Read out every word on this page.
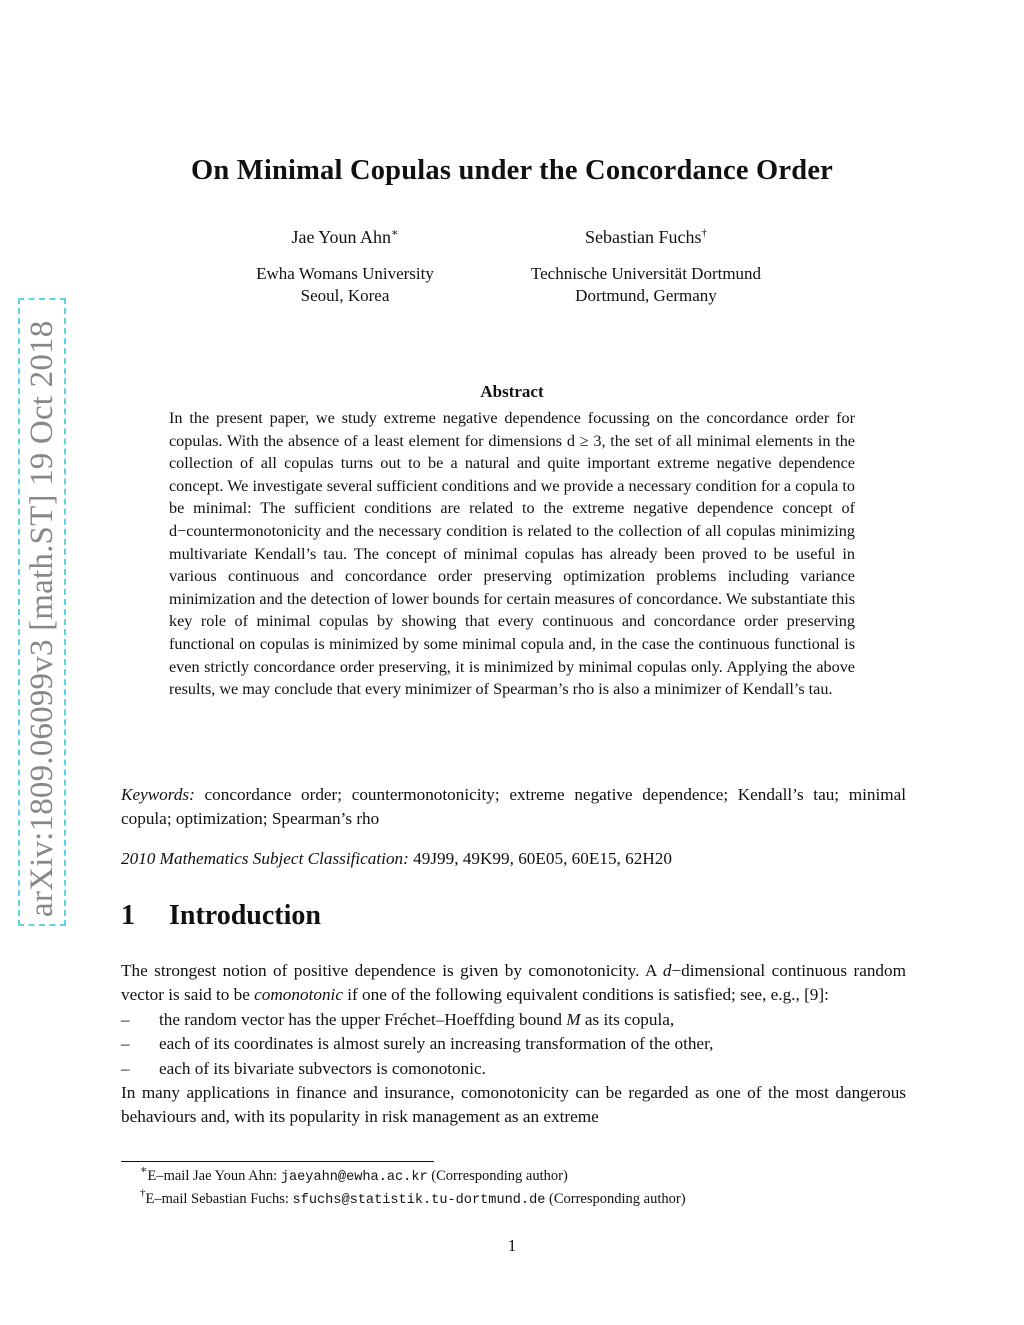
arXiv:1809.06099v3 [math.ST] 19 Oct 2018
On Minimal Copulas under the Concordance Order
Jae Youn Ahn∗
Ewha Womans University
Seoul, Korea
Sebastian Fuchs†
Technische Universität Dortmund
Dortmund, Germany
Abstract
In the present paper, we study extreme negative dependence focussing on the concordance order for copulas. With the absence of a least element for dimensions d ≥ 3, the set of all minimal elements in the collection of all copulas turns out to be a natural and quite important extreme negative dependence concept. We investigate several sufficient conditions and we provide a necessary condition for a copula to be minimal: The sufficient conditions are related to the extreme negative dependence concept of d−countermonotonicity and the necessary condition is related to the collection of all copulas minimizing multivariate Kendall’s tau. The concept of minimal copulas has already been proved to be useful in various continuous and concordance order preserving optimization problems including variance minimization and the detection of lower bounds for certain measures of concordance. We substantiate this key role of minimal copulas by showing that every continuous and concordance order preserving functional on copulas is minimized by some minimal copula and, in the case the continuous functional is even strictly concordance order preserving, it is minimized by minimal copulas only. Applying the above results, we may conclude that every minimizer of Spearman’s rho is also a minimizer of Kendall’s tau.
Keywords: concordance order; countermonotonicity; extreme negative dependence; Kendall’s tau; minimal copula; optimization; Spearman’s rho
2010 Mathematics Subject Classification: 49J99, 49K99, 60E05, 60E15, 62H20
1 Introduction

The strongest notion of positive dependence is given by comonotonicity. A d−dimensional continuous random vector is said to be comonotonic if one of the following equivalent conditions is satisfied; see, e.g., [9]:

– the random vector has the upper Fréchet–Hoeffding bound M as its copula,
– each of its coordinates is almost surely an increasing transformation of the other,
– each of its bivariate subvectors is comonotonic.

In many applications in finance and insurance, comonotonicity can be regarded as one of the most dangerous behaviours and, with its popularity in risk management as an extreme

∗E–mail Jae Youn Ahn: jaeyahn@ewha.ac.kr (Corresponding author)
†E–mail Sebastian Fuchs: sfuchs@statistik.tu-dortmund.de (Corresponding author)
1
